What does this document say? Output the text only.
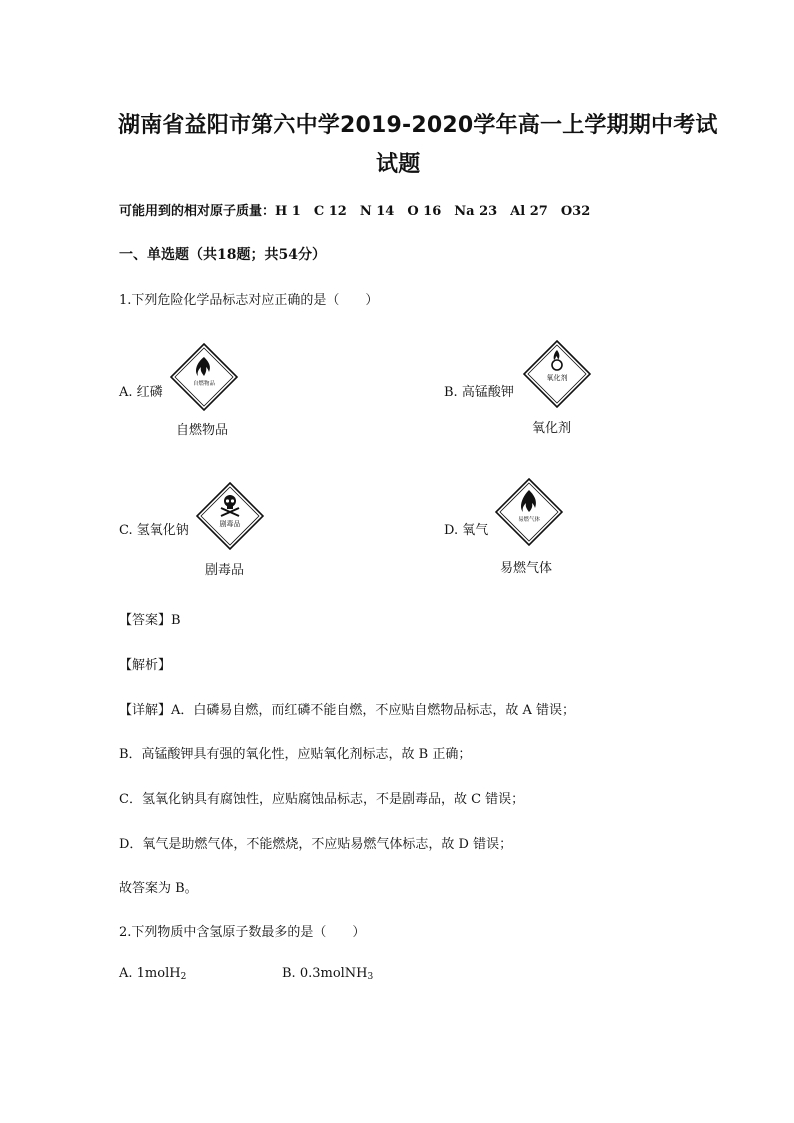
湖南省益阳市第六中学2019-2020学年高一上学期期中考试
试题
可能用到的相对原子质量：H 1　C 12　N 14　O 16　Na 23　Al 27　O32
一、单选题（共18题；共54分）
1.下列危险化学品标志对应正确的是（　　）
A. 红磷
自燃物品
自燃物品
B. 高锰酸钾
氧化剂
氧化剂
C. 氢氧化钠	剧毒品
剧毒品
D. 氧气
易燃气体
易燃气体
【答案】B
【解析】
【详解】A．白磷易自燃，而红磷不能自燃，不应贴自燃物品标志，故 A 错误；
B．高锰酸钾具有强的氧化性，应贴氧化剂标志，故 B 正确；
C．氢氧化钠具有腐蚀性，应贴腐蚀品标志，不是剧毒品，故 C 错误；
D．氧气是助燃气体，不能燃烧，不应贴易燃气体标志，故 D 错误；
故答案为 B。
2.下列物质中含氢原子数最多的是（　　）
A. 1molH$_2$	B. 0.3molNH$_3$
